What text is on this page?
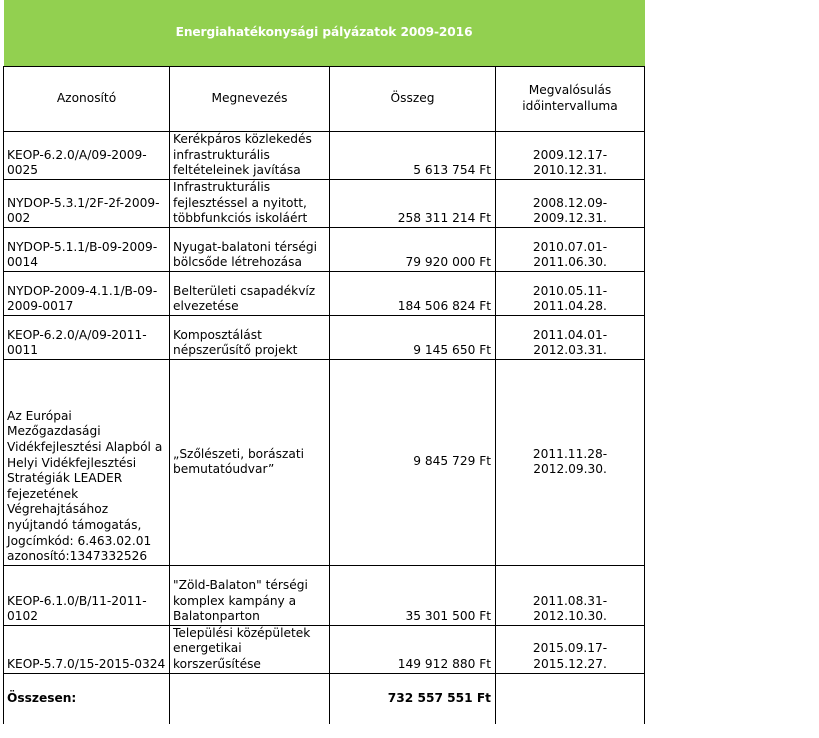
Energiahatékonysági pályázatok 2009-2016			
Azonosító	Megnevezés	Összeg	Megvalósulás időintervalluma
KEOP-6.2.0/A/09-2009-0025	Kerékpáros közlekedés infrastrukturális feltételeinek javítása	5 613 754 Ft	2009.12.17-2010.12.31.
NYDOP-5.3.1/2F-2f-2009-002	Infrastrukturális fejlesztéssel a nyitott, többfunkciós iskoláért	258 311 214 Ft	2008.12.09-2009.12.31.
NYDOP-5.1.1/B-09-2009-0014	Nyugat-balatoni térségi bölcsőde létrehozása	79 920 000 Ft	2010.07.01-2011.06.30.
NYDOP-2009-4.1.1/B-09-2009-0017	Belterületi csapadékvíz elvezetése	184 506 824 Ft	2010.05.11-2011.04.28.
KEOP-6.2.0/A/09-2011-0011	Komposztálást népszerűsítő projekt	9 145 650 Ft	2011.04.01-2012.03.31.
Az Európai Mezőgazdasági Vidékfejlesztési Alapból a Helyi Vidékfejlesztési Stratégiák LEADER fejezetének Végrehajtásához nyújtandó támogatás, Jogcímkód: 6.463.02.01 azonosító:1347332526	„Szőlészeti, borászati bemutatóudvar”	9 845 729 Ft	2011.11.28-2012.09.30.
KEOP-6.1.0/B/11-2011-0102	"Zöld-Balaton" térségi komplex kampány a Balatonparton	35 301 500 Ft	2011.08.31-2012.10.30.
KEOP-5.7.0/15-2015-0324	Települési középületek energetikai korszerűsítése	149 912 880 Ft	2015.09.17-2015.12.27.
Összesen:		732 557 551 Ft	
